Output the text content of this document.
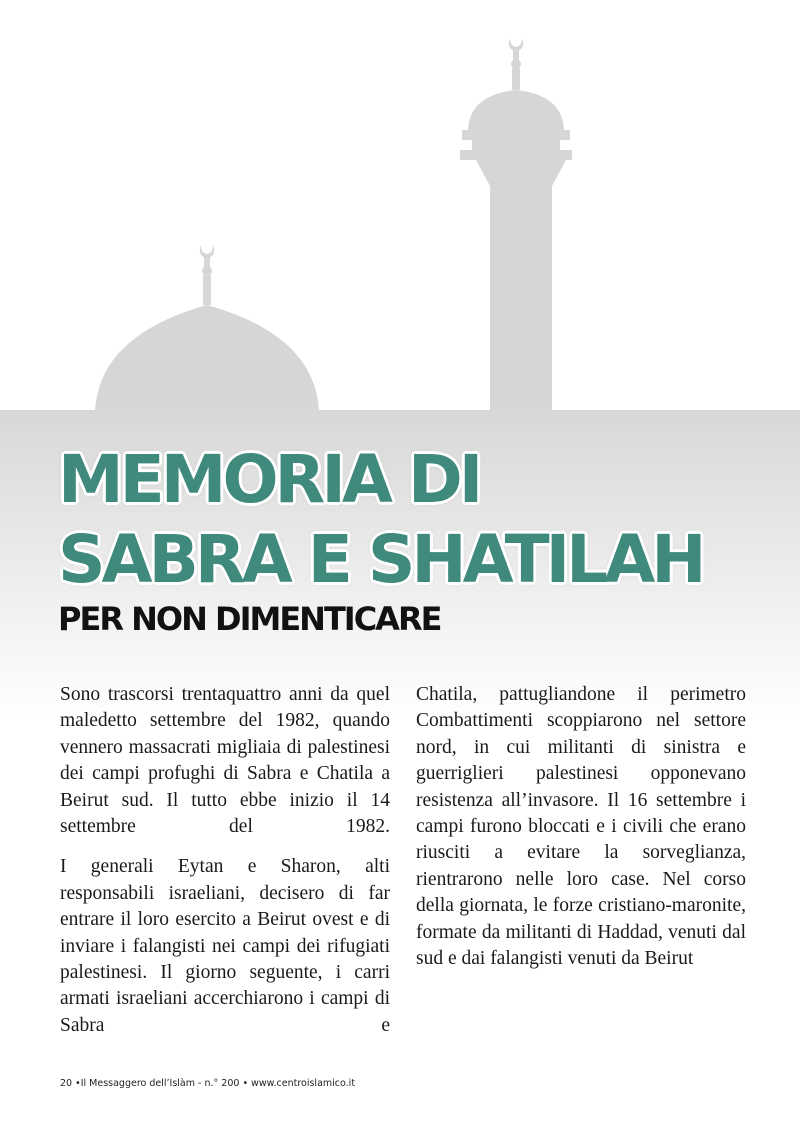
MEMORIA DI
SABRA E SHATILAH
PER NON DIMENTICARE

Sono trascorsi trentaquattro anni da quel maledetto settembre del 1982, quando vennero massacrati migliaia di palestinesi dei campi profughi di Sabra e Chatila a Beirut sud. Il tutto ebbe inizio il 14 settembre del 1982.

I generali Eytan e Sharon, alti responsabili israeliani, decisero di far entrare il loro esercito a Beirut ovest e di inviare i falangisti nei campi dei rifugiati palestinesi. Il giorno seguente, i carri armati israeliani accerchiarono i campi di Sabra e

Chatila, pattugliandone il perimetro Combattimenti scoppiarono nel settore nord, in cui militanti di sinistra e guerriglieri palestinesi opponevano resistenza all’invasore. Il 16 settembre i campi furono bloccati e i civili che erano riusciti a evitare la sorveglianza, rientrarono nelle loro case. Nel corso della giornata, le forze cristiano-maronite, formate da militanti di Haddad, venuti dal sud e dai falangisti venuti da Beirut

20 •Il Messaggero dell’Islàm - n.° 200 • www.centroislamico.it
